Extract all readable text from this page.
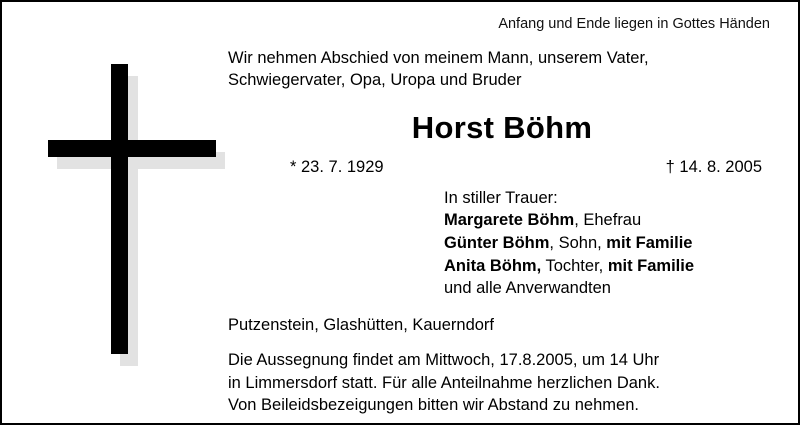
Anfang und Ende liegen in Gottes Händen
Wir nehmen Abschied von meinem Mann, unserem Vater,
Schwiegervater, Opa, Uropa und Bruder
Horst Böhm
* 23. 7. 1929	† 14. 8. 2005
In stiller Trauer:
Margarete Böhm, Ehefrau
Günter Böhm, Sohn, mit Familie
Anita Böhm, Tochter, mit Familie
und alle Anverwandten
Putzenstein, Glashütten, Kauerndorf
Die Aussegnung findet am Mittwoch, 17.8.2005, um 14 Uhr
in Limmersdorf statt. Für alle Anteilnahme herzlichen Dank.
Von Beileidsbezeigungen bitten wir Abstand zu nehmen.
